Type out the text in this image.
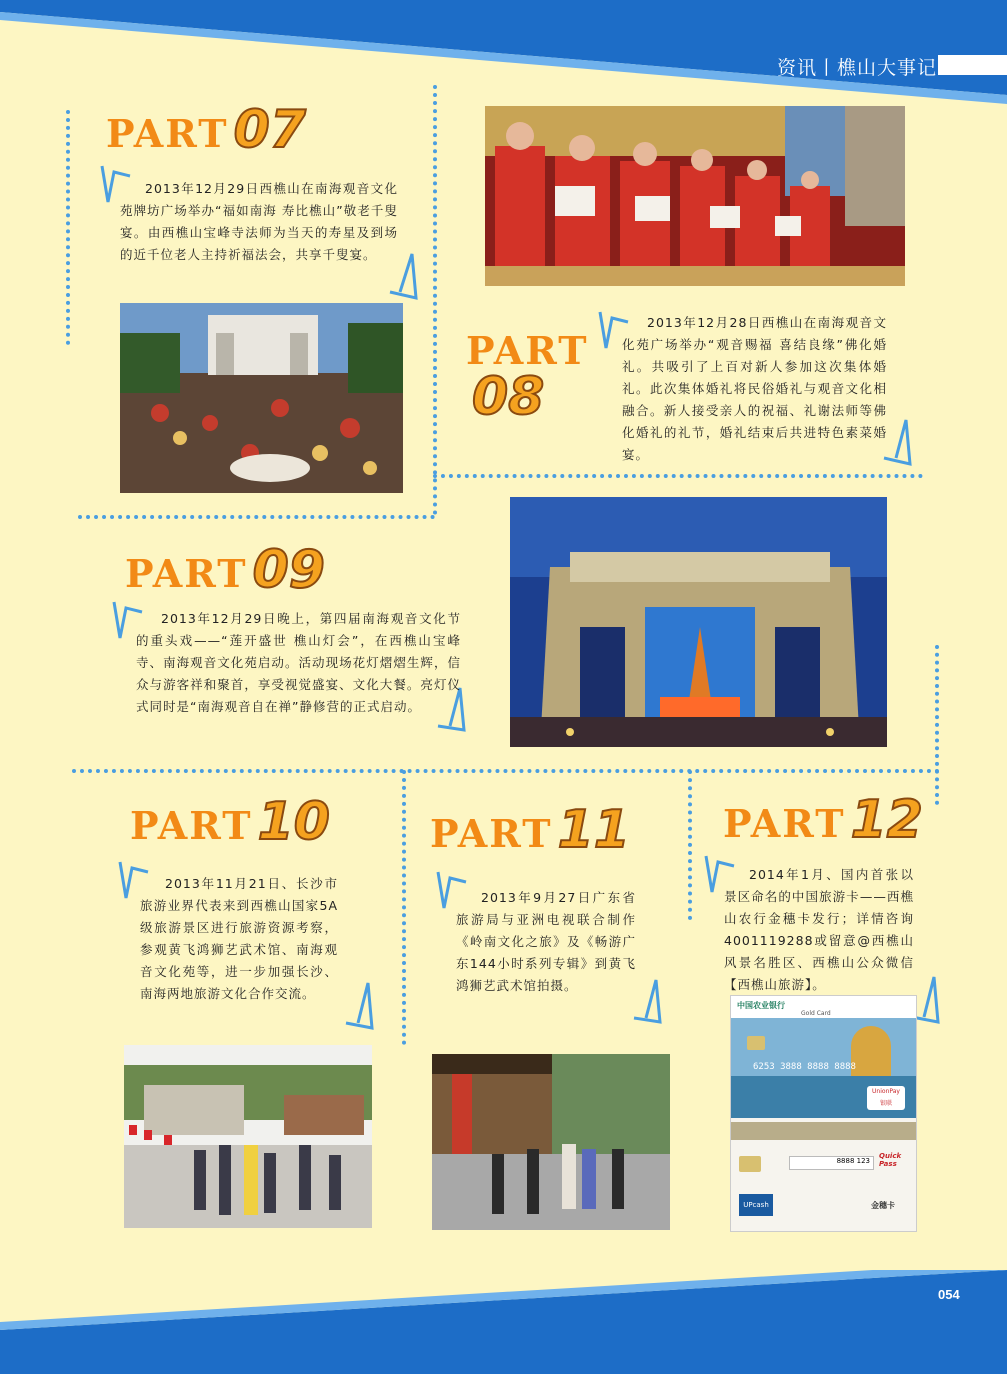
资讯丨樵山大事记
054
PART 07
2013年12月29日西樵山在南海观音文化苑牌坊广场举办“福如南海 寿比樵山”敬老千叟宴。由西樵山宝峰寺法师为当天的寿星及到场的近千位老人主持祈福法会，共享千叟宴。
PART
08
2013年12月28日西樵山在南海观音文化苑广场举办“观音赐福 喜结良缘”佛化婚礼。共吸引了上百对新人参加这次集体婚礼。此次集体婚礼将民俗婚礼与观音文化相融合。新人接受亲人的祝福、礼谢法师等佛化婚礼的礼节，婚礼结束后共进特色素菜婚宴。
PART 09
2013年12月29日晚上，第四届南海观音文化节的重头戏——“莲开盛世 樵山灯会”，在西樵山宝峰寺、南海观音文化苑启动。活动现场花灯熠熠生辉，信众与游客祥和聚首，享受视觉盛宴、文化大餐。亮灯仪式同时是“南海观音自在禅”静修营的正式启动。
PART 10
2013年11月21日、长沙市旅游业界代表来到西樵山国家5A级旅游景区进行旅游资源考察，参观黄飞鸿狮艺武术馆、南海观音文化苑等，进一步加强长沙、南海两地旅游文化合作交流。
PART 11
2013年9月27日广东省旅游局与亚洲电视联合制作《岭南文化之旅》及《畅游广东144小时系列专辑》到黄飞鸿狮艺武术馆拍摄。
PART 12
2014年1月、国内首张以景区命名的中国旅游卡——西樵山农行金穗卡发行；详情咨询4001119288或留意@西樵山风景名胜区、西樵山公众微信【西樵山旅游】。
中国农业银行
Gold Card
6253 3888 8888 8888
UnionPay
银联
8888 123
Quick Pass
UPcash	金穗卡
